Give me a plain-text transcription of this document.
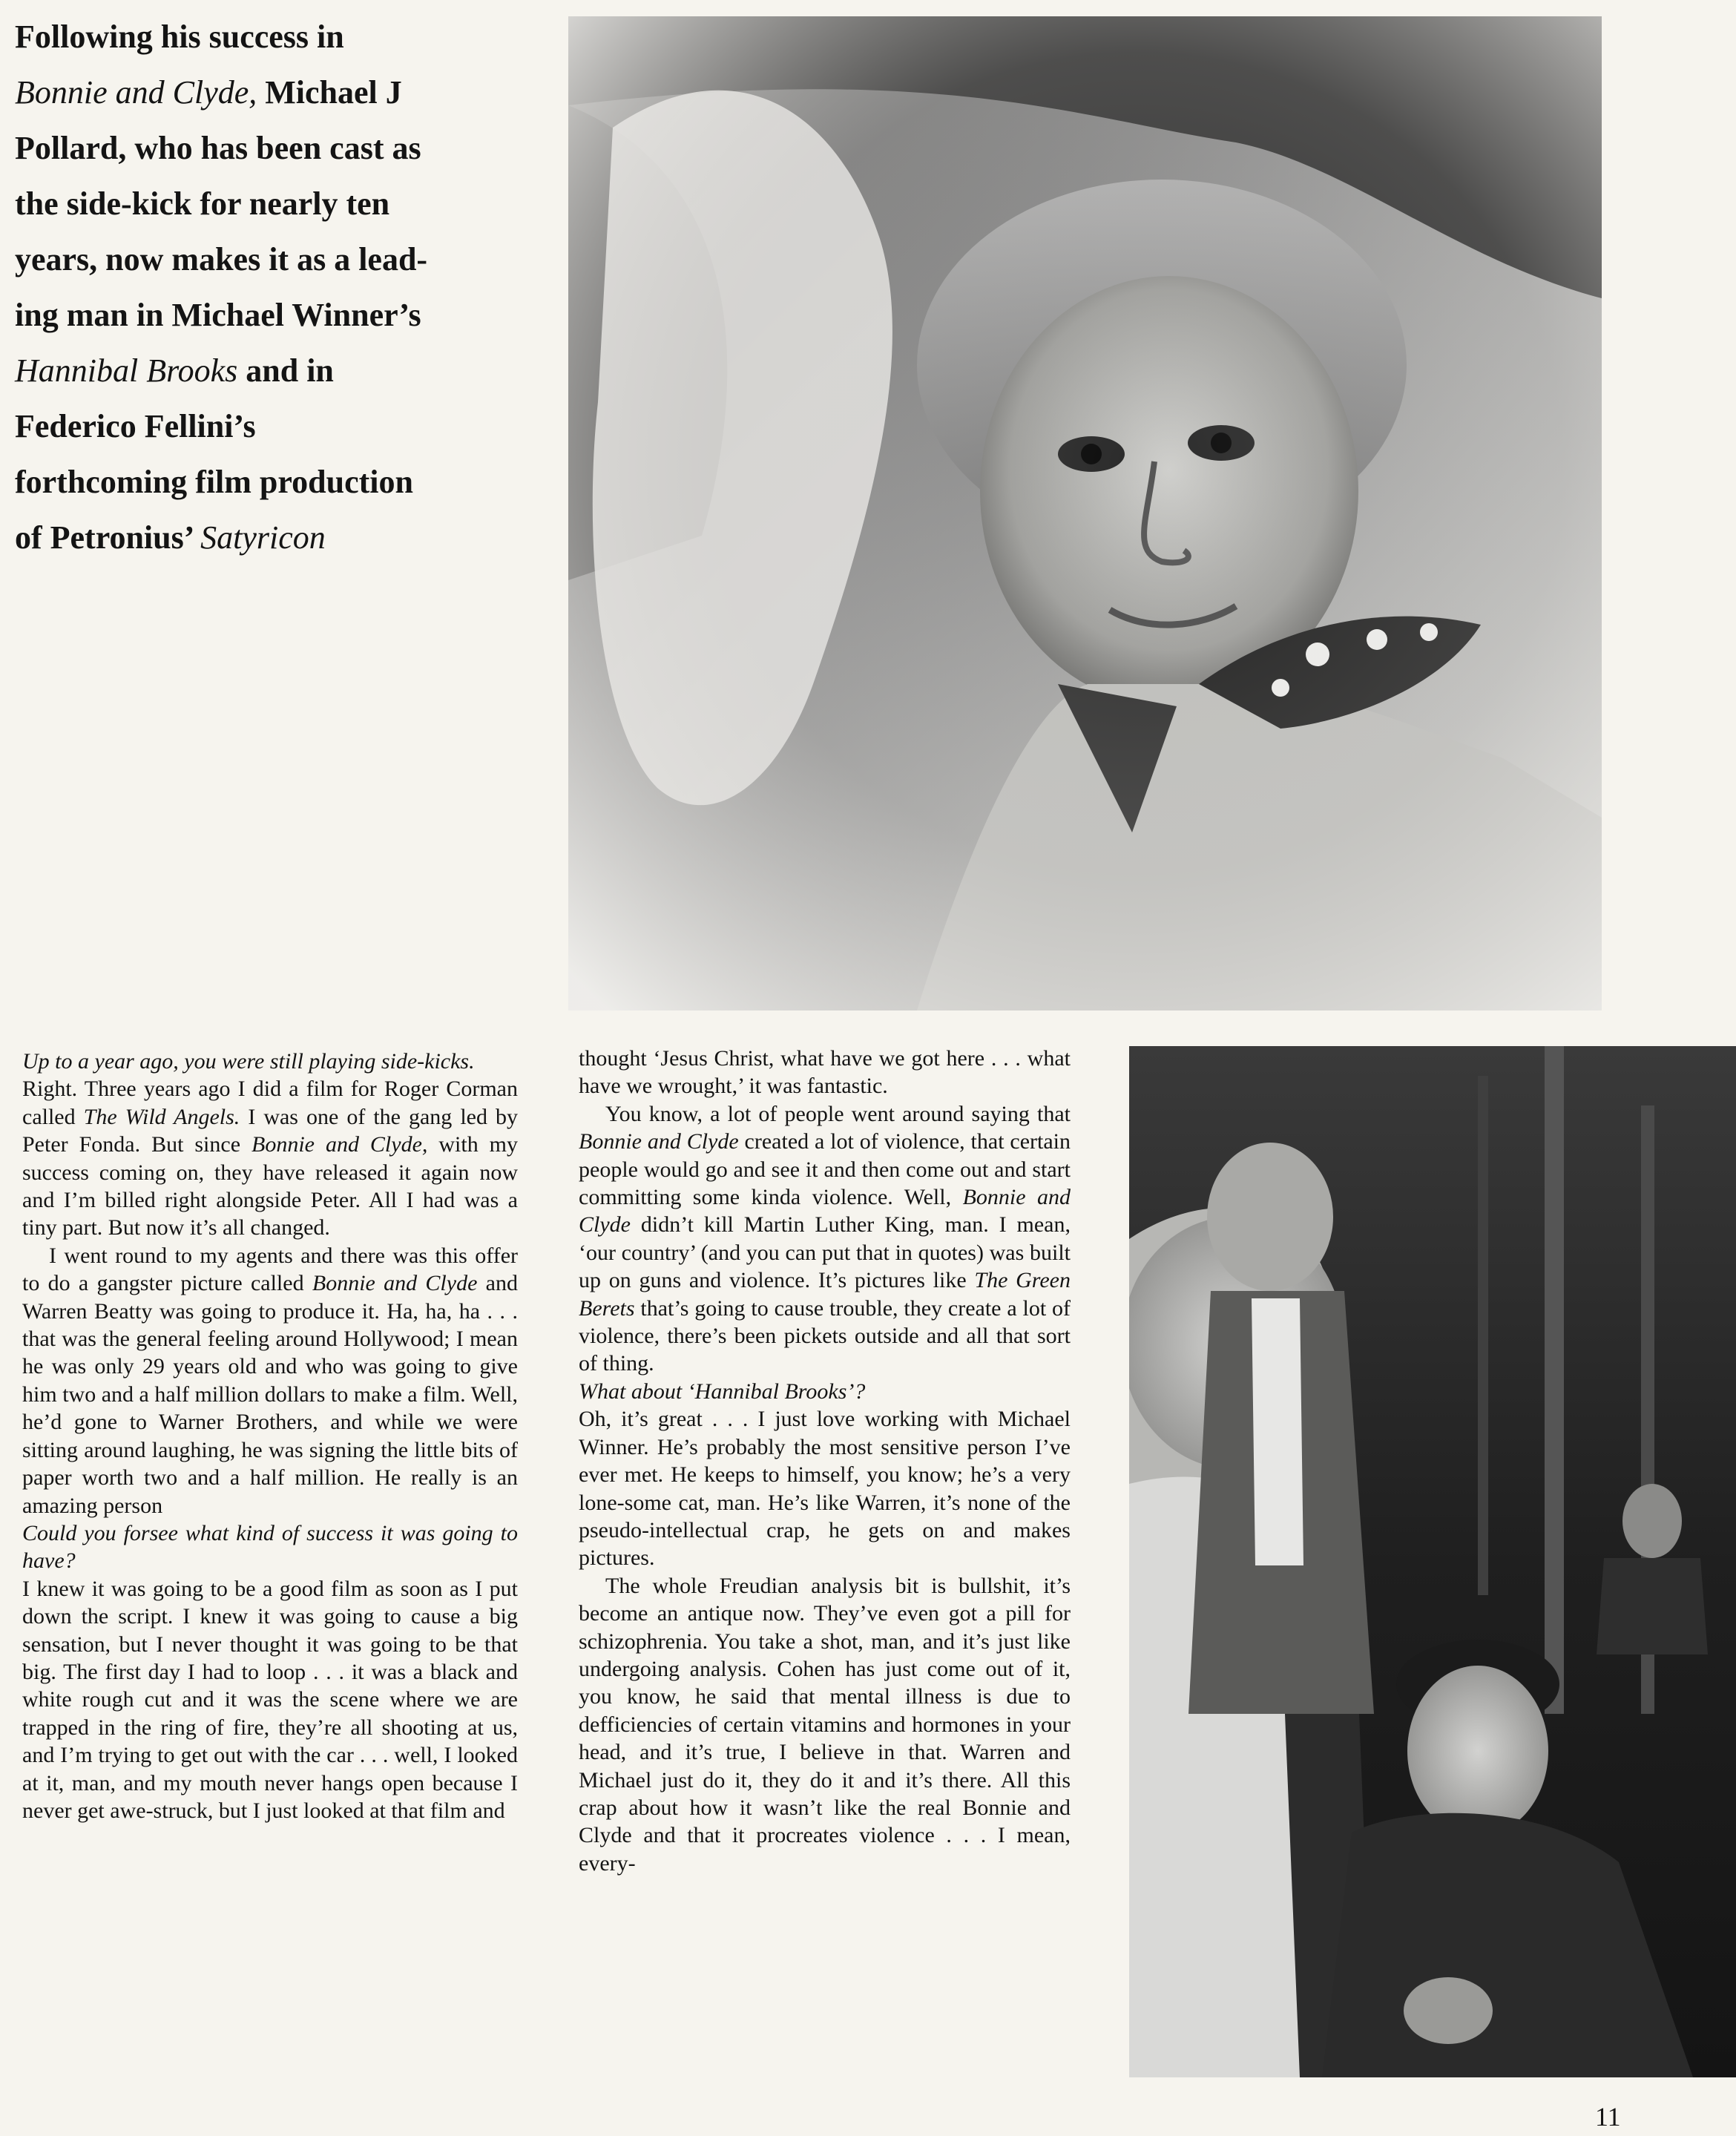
Following his success in
Bonnie and Clyde, Michael J
Pollard, who has been cast as
the side-kick for nearly ten
years, now makes it as a lead-
ing man in Michael Winner’s
Hannibal Brooks and in
Federico Fellini’s
forthcoming film production
of Petronius’ Satyricon

Up to a year ago, you were still playing side-kicks.

Right. Three years ago I did a film for Roger Corman called The Wild Angels. I was one of the gang led by Peter Fonda. But since Bonnie and Clyde, with my success coming on, they have released it again now and I’m billed right alongside Peter. All I had was a tiny part. But now it’s all changed.

I went round to my agents and there was this offer to do a gangster picture called Bonnie and Clyde and Warren Beatty was going to produce it. Ha, ha, ha . . . that was the general feeling around Hollywood; I mean he was only 29 years old and who was going to give him two and a half million dollars to make a film. Well, he’d gone to Warner Brothers, and while we were sitting around laughing, he was signing the little bits of paper worth two and a half million. He really is an amazing person

Could you forsee what kind of success it was going to have?

I knew it was going to be a good film as soon as I put down the script. I knew it was going to cause a big sensation, but I never thought it was going to be that big. The first day I had to loop . . . it was a black and white rough cut and it was the scene where we are trapped in the ring of fire, they’re all shooting at us, and I’m trying to get out with the car . . . well, I looked at it, man, and my mouth never hangs open because I never get awe-struck, but I just looked at that film and

thought ‘Jesus Christ, what have we got here . . . what have we wrought,’ it was fantastic.

You know, a lot of people went around saying that Bonnie and Clyde created a lot of violence, that certain people would go and see it and then come out and start committing some kinda violence. Well, Bonnie and Clyde didn’t kill Martin Luther King, man. I mean, ‘our country’ (and you can put that in quotes) was built up on guns and violence. It’s pictures like The Green Berets that’s going to cause trouble, they create a lot of violence, there’s been pickets outside and all that sort of thing.

What about ‘Hannibal Brooks’?

Oh, it’s great . . . I just love working with Michael Winner. He’s probably the most sensitive person I’ve ever met. He keeps to himself, you know; he’s a very lone-some cat, man. He’s like Warren, it’s none of the pseudo-intellectual crap, he gets on and makes pictures.

The whole Freudian analysis bit is bullshit, it’s become an antique now. They’ve even got a pill for schizophrenia. You take a shot, man, and it’s just like undergoing analysis. Cohen has just come out of it, you know, he said that mental illness is due to defficiencies of certain vitamins and hormones in your head, and it’s true, I believe in that. Warren and Michael just do it, they do it and it’s there. All this crap about how it wasn’t like the real Bonnie and Clyde and that it procreates violence . . . I mean, every-

11
